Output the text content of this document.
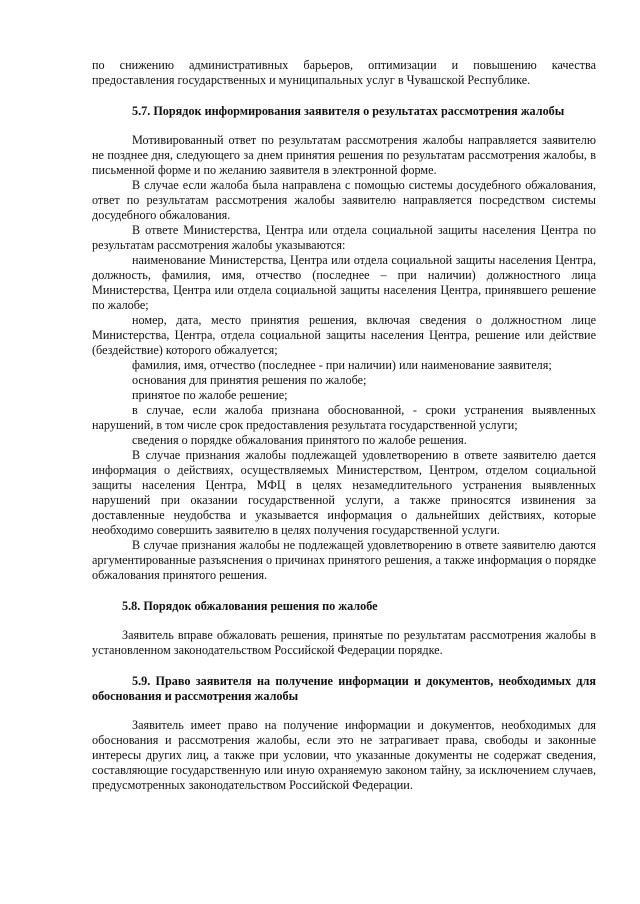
по снижению административных барьеров, оптимизации и повышению качества предоставления государственных и муниципальных услуг в Чувашской Республике.

5.7. Порядок информирования заявителя о результатах рассмотрения жалобы

Мотивированный ответ по результатам рассмотрения жалобы направляется заявителю не позднее дня, следующего за днем принятия решения по результатам рассмотрения жалобы, в письменной форме и по желанию заявителя в электронной форме.

В случае если жалоба была направлена с помощью системы досудебного обжалования, ответ по результатам рассмотрения жалобы заявителю направляется посредством системы досудебного обжалования.

В ответе Министерства, Центра или отдела социальной защиты населения Центра по результатам рассмотрения жалобы указываются:

наименование Министерства, Центра или отдела социальной защиты населения Центра, должность, фамилия, имя, отчество (последнее – при наличии) должностного лица Министерства, Центра или отдела социальной защиты населения Центра, принявшего решение по жалобе;

номер, дата, место принятия решения, включая сведения о должностном лице Министерства, Центра, отдела социальной защиты населения Центра, решение или действие (бездействие) которого обжалуется;

фамилия, имя, отчество (последнее - при наличии) или наименование заявителя;

основания для принятия решения по жалобе;

принятое по жалобе решение;

в случае, если жалоба признана обоснованной, - сроки устранения выявленных нарушений, в том числе срок предоставления результата государственной услуги;

сведения о порядке обжалования принятого по жалобе решения.

В случае признания жалобы подлежащей удовлетворению в ответе заявителю дается информация о действиях, осуществляемых Министерством, Центром, отделом социальной защиты населения Центра, МФЦ в целях незамедлительного устранения выявленных нарушений при оказании государственной услуги, а также приносятся извинения за доставленные неудобства и указывается информация о дальнейших действиях, которые необходимо совершить заявителю в целях получения государственной услуги.

В случае признания жалобы не подлежащей удовлетворению в ответе заявителю даются аргументированные разъяснения о причинах принятого решения, а также информация о порядке обжалования принятого решения.

5.8. Порядок обжалования решения по жалобе

Заявитель вправе обжаловать решения, принятые по результатам рассмотрения жалобы в установленном законодательством Российской Федерации порядке.

5.9. Право заявителя на получение информации и документов, необходимых для обоснования и рассмотрения жалобы

Заявитель имеет право на получение информации и документов, необходимых для обоснования и рассмотрения жалобы, если это не затрагивает права, свободы и законные интересы других лиц, а также при условии, что указанные документы не содержат сведения, составляющие государственную или иную охраняемую законом тайну, за исключением случаев, предусмотренных законодательством Российской Федерации.
